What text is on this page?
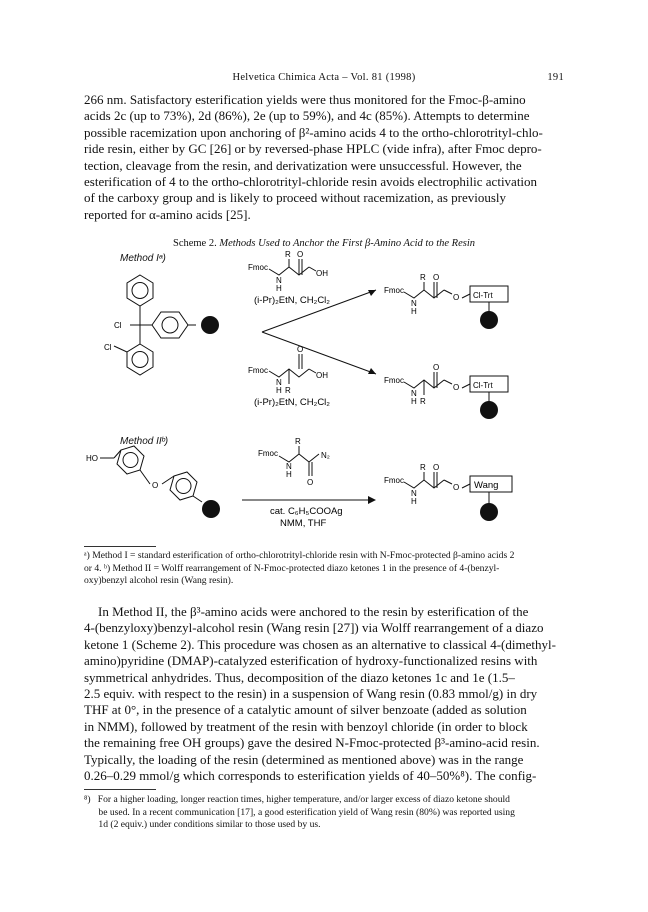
Helvetica Chimica Acta – Vol. 81 (1998)	191
266 nm. Satisfactory esterification yields were thus monitored for the Fmoc-β-amino
acids 2c (up to 73%), 2d (86%), 2e (up to 59%), and 4c (85%). Attempts to determine
possible racemization upon anchoring of β²-amino acids 4 to the ortho-chlorotrityl-chlo-
ride resin, either by GC [26] or by reversed-phase HPLC (vide infra), after Fmoc depro-
tection, cleavage from the resin, and derivatization were unsuccessful. However, the
esterification of 4 to the ortho-chlorotrityl-chloride resin avoids electrophilic activation
of the carboxy group and is likely to proceed without racemization, as previously
reported for α-amino acids [25].
Scheme 2. Methods Used to Anchor the First β-Amino Acid to the Resin
Method Iᵃ)
Method IIᵇ)
Cl
Cl
Fmoc
N
H
R O
OH
(i-Pr)₂EtN, CH₂Cl₂
Fmoc
N
H
R O
O Cl-Trt
Fmoc
N
H R
O
OH
(i-Pr)₂EtN, CH₂Cl₂
Fmoc
N
H R
O
O Cl-Trt
HO
O
Fmoc
N
H
R
O
N₂
cat. C₆H₅COOAg
NMM, THF
Fmoc
N
H
R O
O Wang
ᵃ) Method I = standard esterification of ortho-chlorotrityl-chloride resin with N-Fmoc-protected β-amino acids 2
or 4. ᵇ) Method II = Wolff rearrangement of N-Fmoc-protected diazo ketones 1 in the presence of 4-(benzyl-
oxy)benzyl alcohol resin (Wang resin).
In Method II, the β³-amino acids were anchored to the resin by esterification of the
4-(benzyloxy)benzyl-alcohol resin (Wang resin [27]) via Wolff rearrangement of a diazo
ketone 1 (Scheme 2). This procedure was chosen as an alternative to classical 4-(dimethyl-
amino)pyridine (DMAP)-catalyzed esterification of hydroxy-functionalized resins with
symmetrical anhydrides. Thus, decomposition of the diazo ketones 1c and 1e (1.5–
2.5 equiv. with respect to the resin) in a suspension of Wang resin (0.83 mmol/g) in dry
THF at 0°, in the presence of a catalytic amount of silver benzoate (added as solution
in NMM), followed by treatment of the resin with benzoyl chloride (in order to block
the remaining free OH groups) gave the desired N-Fmoc-protected β³-amino-acid resin.
Typically, the loading of the resin (determined as mentioned above) was in the range
0.26–0.29 mmol/g which corresponds to esterification yields of 40–50%⁸). The config-
⁸)   For a higher loading, longer reaction times, higher temperature, and/or larger excess of diazo ketone should
be used. In a recent communication [17], a good esterification yield of Wang resin (80%) was reported using
1d (2 equiv.) under conditions similar to those used by us.
